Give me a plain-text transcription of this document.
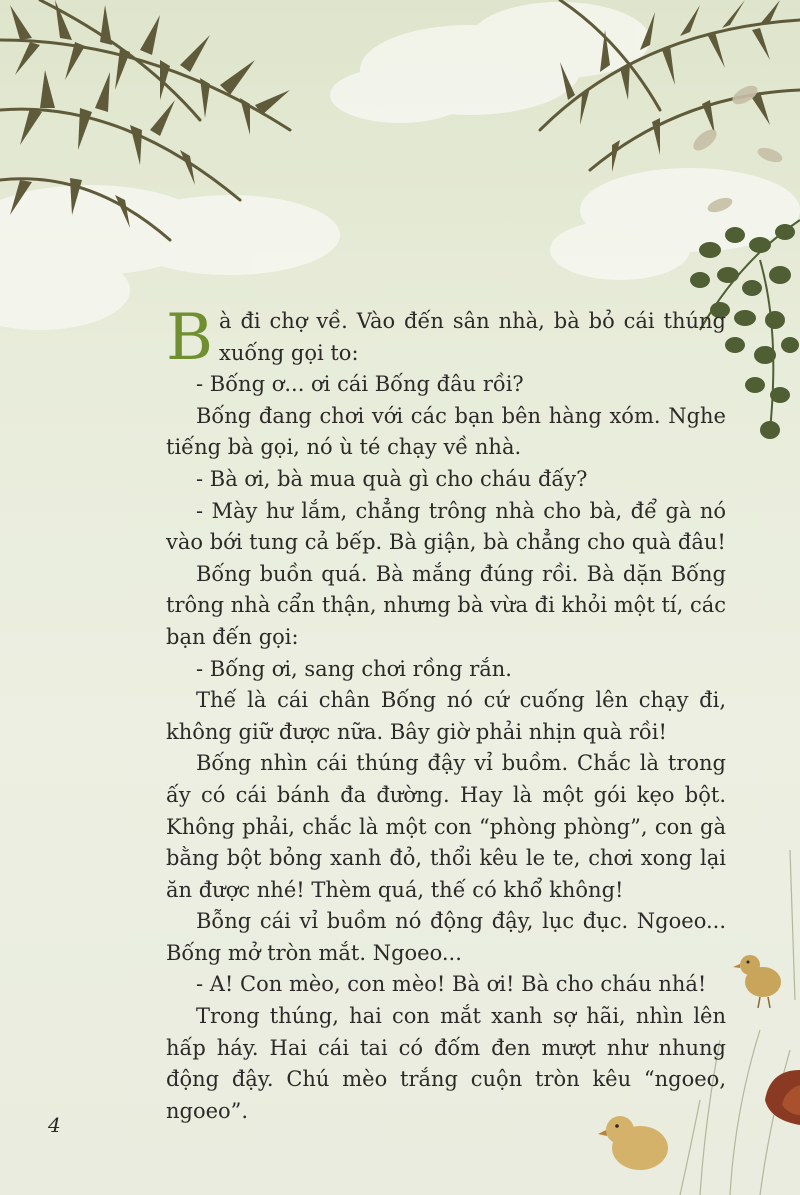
Bà đi chợ về. Vào đến sân nhà, bà bỏ cái thúng xuống gọi to:

- Bống ơ... ơi cái Bống đâu rồi?

Bống đang chơi với các bạn bên hàng xóm. Nghe tiếng bà gọi, nó ù té chạy về nhà.

- Bà ơi, bà mua quà gì cho cháu đấy?

- Mày hư lắm, chẳng trông nhà cho bà, để gà nó vào bới tung cả bếp. Bà giận, bà chẳng cho quà đâu!

Bống buồn quá. Bà mắng đúng rồi. Bà dặn Bống trông nhà cẩn thận, nhưng bà vừa đi khỏi một tí, các bạn đến gọi:

- Bống ơi, sang chơi rồng rắn.

Thế là cái chân Bống nó cứ cuống lên chạy đi, không giữ được nữa. Bây giờ phải nhịn quà rồi!

Bống nhìn cái thúng đậy vỉ buồm. Chắc là trong ấy có cái bánh đa đường. Hay là một gói kẹo bột. Không phải, chắc là một con “phòng phòng”, con gà bằng bột bỏng xanh đỏ, thổi kêu le te, chơi xong lại ăn được nhé! Thèm quá, thế có khổ không!

Bỗng cái vỉ buồm nó động đậy, lục đục. Ngoeo... Bống mở tròn mắt. Ngoeo...

- A! Con mèo, con mèo! Bà ơi! Bà cho cháu nhá!

Trong thúng, hai con mắt xanh sợ hãi, nhìn lên hấp háy. Hai cái tai có đốm đen mượt như nhung động đậy. Chú mèo trắng cuộn tròn kêu “ngoeo, ngoeo”.

4
